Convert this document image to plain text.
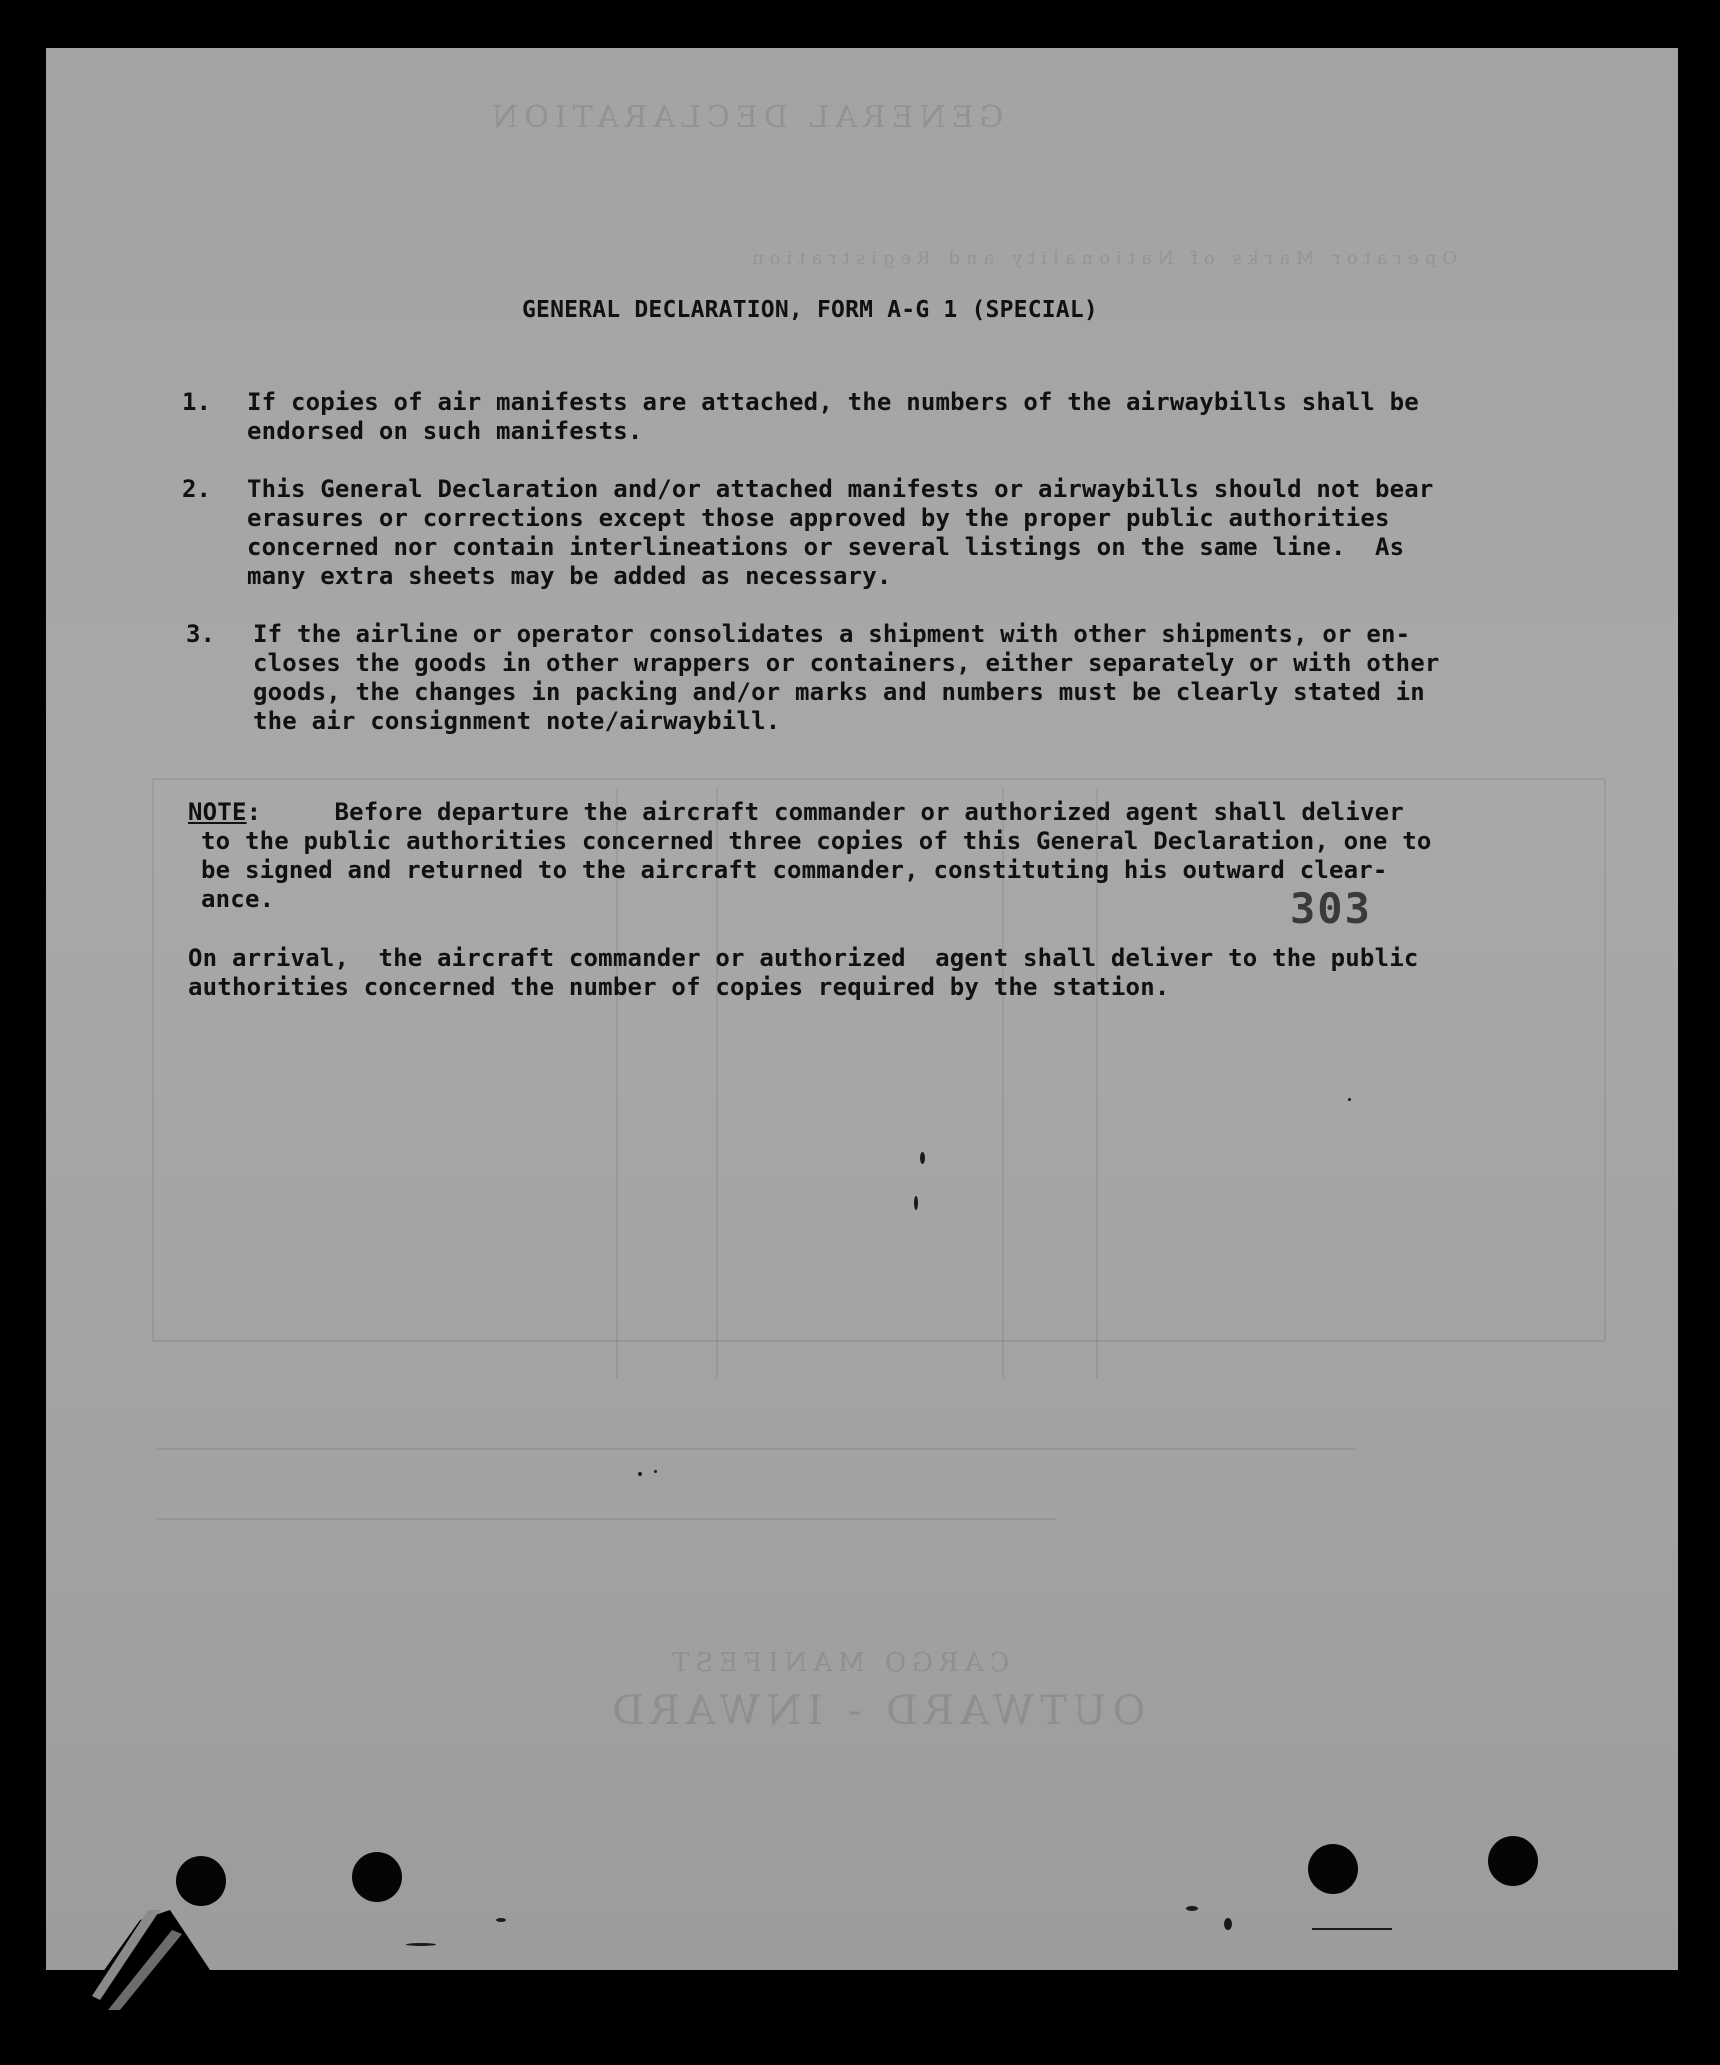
GENERAL DECLARATION
Operator Marks of Nationality and Registration
CARGO MANIFEST
OUTWARD - INWARD
GENERAL DECLARATION, FORM A-G 1 (SPECIAL)
1. If copies of air manifests are attached, the numbers of the airwaybills shall be
endorsed on such manifests.
2. This General Declaration and/or attached manifests or airwaybills should not bear
erasures or corrections except those approved by the proper public authorities
concerned nor contain interlineations or several listings on the same line.  As
many extra sheets may be added as necessary.
3. If the airline or operator consolidates a shipment with other shipments, or en-
closes the goods in other wrappers or containers, either separately or with other
goods, the changes in packing and/or marks and numbers must be clearly stated in
the air consignment note/airwaybill.
NOTE:     Before departure the aircraft commander or authorized agent shall deliver
to the public authorities concerned three copies of this General Declaration, one to
be signed and returned to the aircraft commander, constituting his outward clear-
ance.	303
On arrival,  the aircraft commander or authorized  agent shall deliver to the public
authorities concerned the number of copies required by the station.
